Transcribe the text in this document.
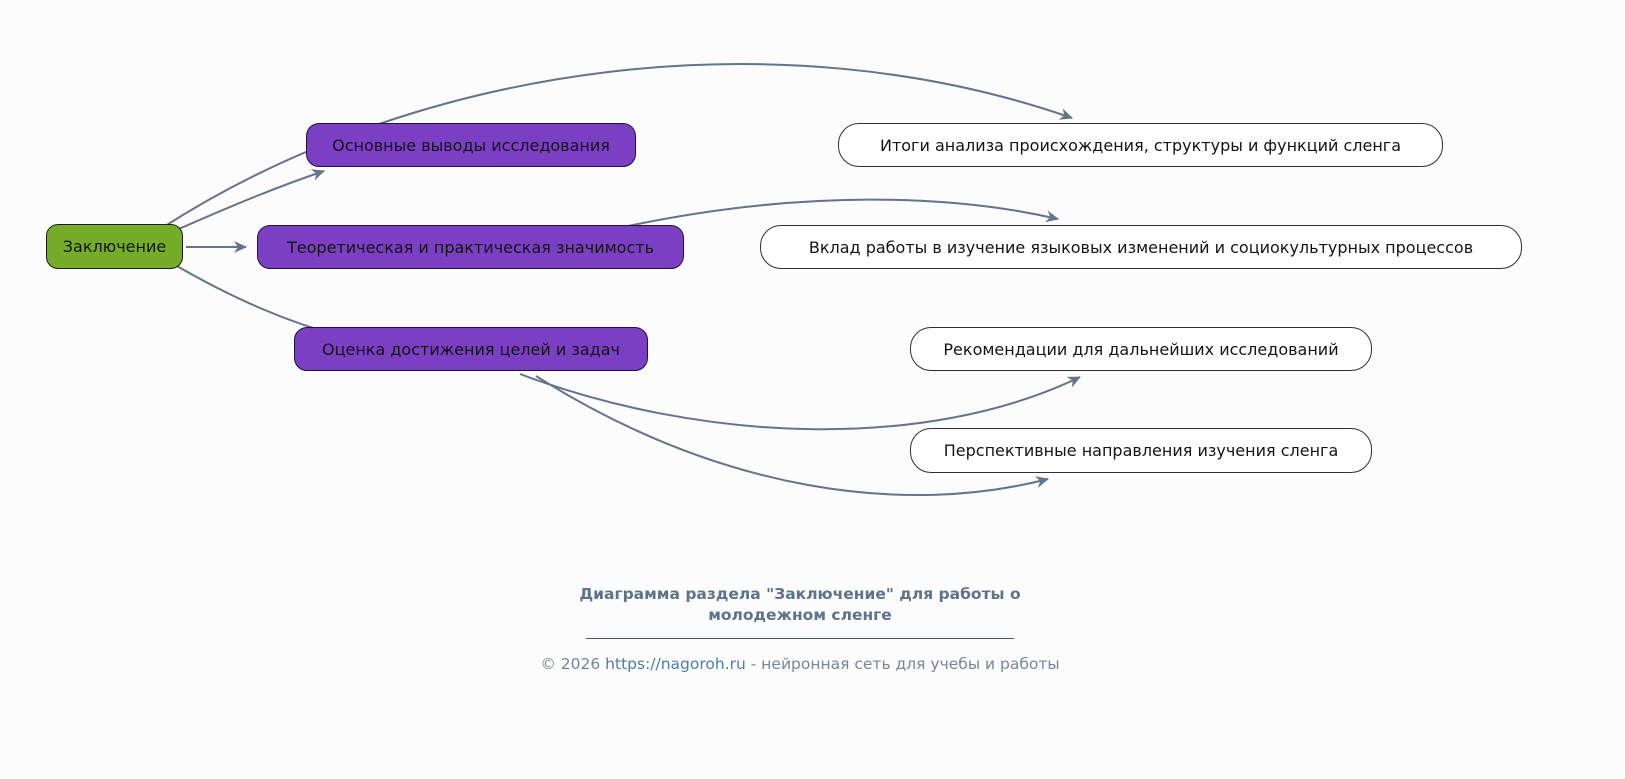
Заключение
Основные выводы исследования
Теоретическая и практическая значимость
Оценка достижения целей и задач
Итоги анализа происхождения, структуры и функций сленга
Вклад работы в изучение языковых изменений и социокультурных процессов
Рекомендации для дальнейших исследований
Перспективные направления изучения сленга
Диаграмма раздела "Заключение" для работы о
молодежном сленге
© 2026 https://nagoroh.ru - нейронная сеть для учебы и работы
